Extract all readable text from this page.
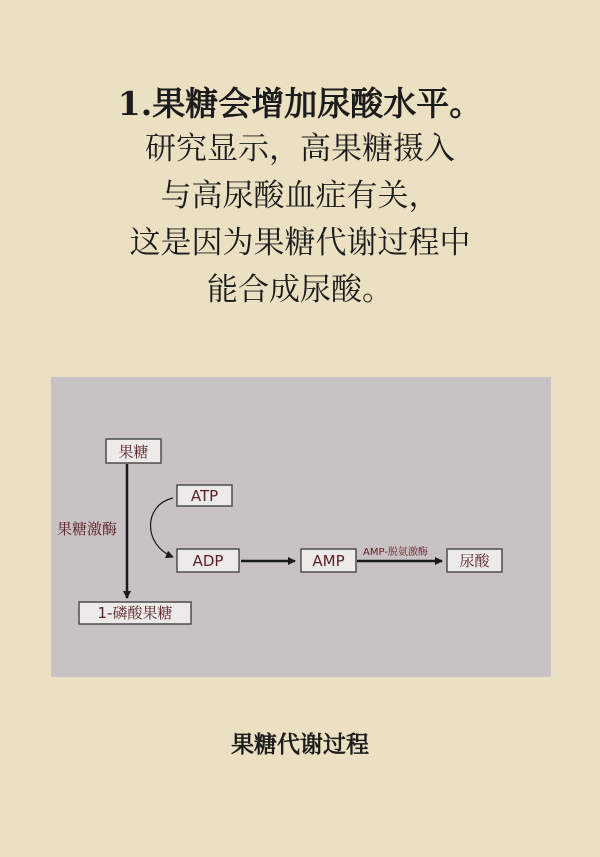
1.果糖会增加尿酸水平。

研究显示，高果糖摄入

与高尿酸血症有关，

这是因为果糖代谢过程中

能合成尿酸。

果糖
ATP
ADP	AMP	尿酸
1-磷酸果糖
果糖激酶
AMP-脱氨激酶

果糖代谢过程
